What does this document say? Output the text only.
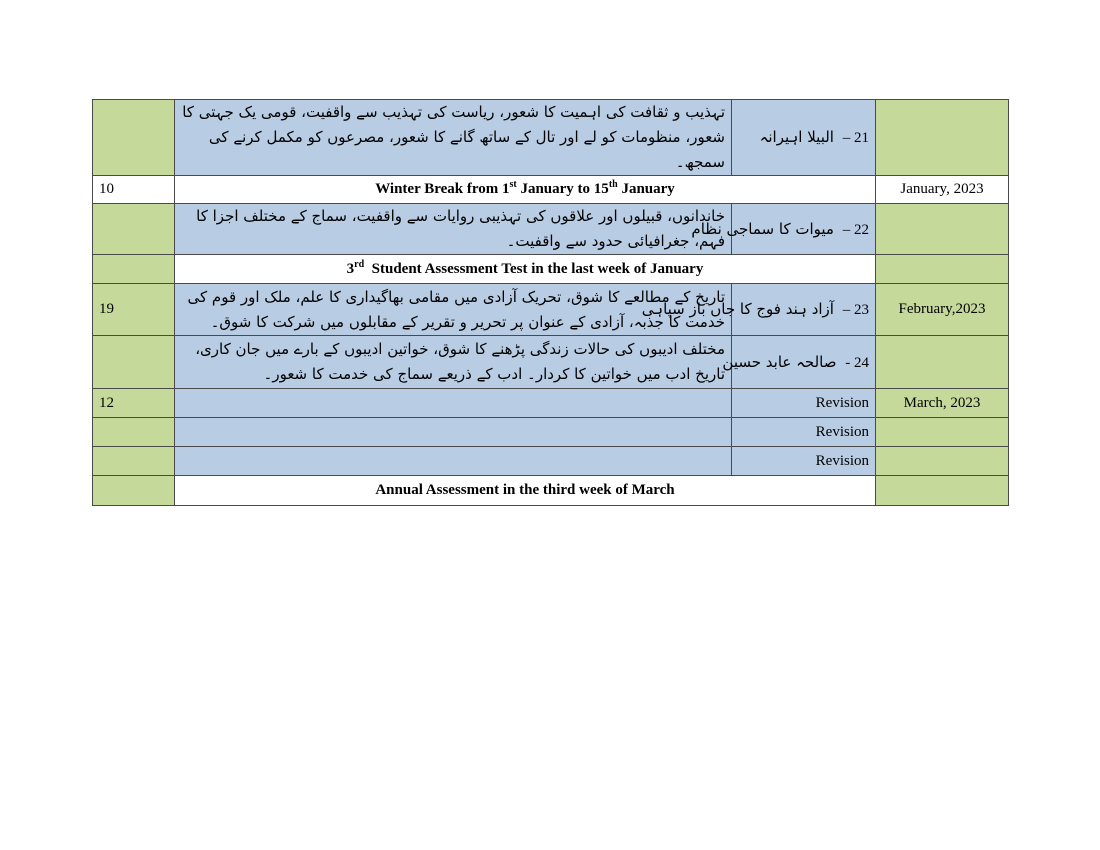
	تہذیب و ثقافت کی اہمیت کا شعور، ریاست کی تہذیب سے واقفیت، قومی یک جہتی کا شعور، منظومات کو لے اور تال کے ساتھ گانے کا شعور، مصرعوں کو مکمل کرنے کی سمجھ۔	21 – البیلا اہیرانہ	
10	Winter Break from 1st January to 15th January		January, 2023
	خاندانوں، قبیلوں اور علاقوں کی تہذیبی روایات سے واقفیت، سماج کے مختلف اجزا کا فہم، جغرافیائی حدود سے واقفیت۔	22 – میوات کا سماجی نظام	
	3rd  Student Assessment Test in the last week of January		
19	تاریخ کے مطالعے کا شوق، تحریک آزادی میں مقامی بھاگیداری کا علم، ملک اور قوم کی خدمت کا جذبہ، آزادی کے عنوان پر تحریر و تقریر کے مقابلوں میں شرکت کا شوق۔	23 – آزاد ہند فوج کا جاں باز سپاہی	February,2023
	مختلف ادیبوں کی حالات زندگی پڑھنے کا شوق، خواتین ادیبوں کے بارے میں جان کاری، تاریخ ادب میں خواتین کا کردار۔ ادب کے ذریعے سماج کی خدمت کا شعور۔	24 - صالحہ عابد حسین	
12		Revision	March, 2023
		Revision	
		Revision	
	Annual Assessment in the third week of March		
